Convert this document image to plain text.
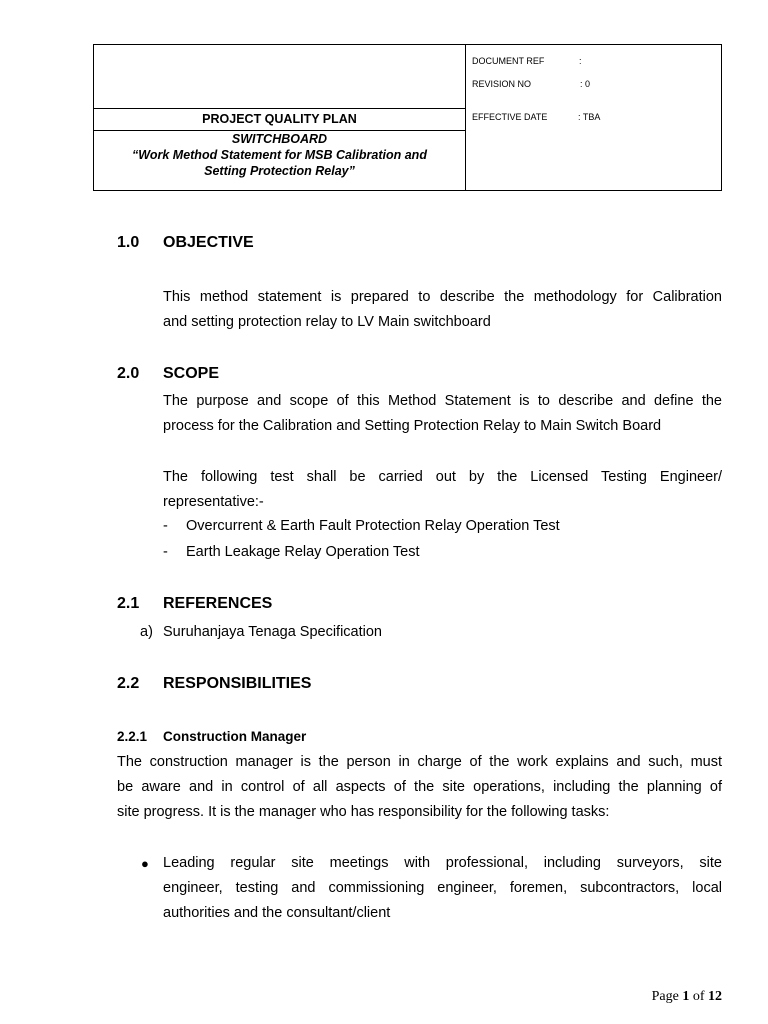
PROJECT QUALITY PLAN
SWITCHBOARD
“Work Method Statement for MSB Calibration and
Setting Protection Relay”
DOCUMENT REF	:
REVISION NO	: 0
EFFECTIVE DATE	: TBA
1.0 OBJECTIVE
This method statement is prepared to describe the methodology for Calibration
and setting protection relay to LV Main switchboard
2.0 SCOPE
The purpose and scope of this Method Statement is to describe and define the
process for the Calibration and Setting Protection Relay to Main Switch Board
The following test shall be carried out by the Licensed Testing Engineer/
representative:-
- Overcurrent & Earth Fault Protection Relay Operation Test
- Earth Leakage Relay Operation Test
2.1 REFERENCES
a) Suruhanjaya Tenaga Specification
2.2 RESPONSIBILITIES
2.2.1 Construction Manager
The construction manager is the person in charge of the work explains and such, must
be aware and in control of all aspects of the site operations, including the planning of
site progress. It is the manager who has responsibility for the following tasks:
● Leading regular site meetings with professional, including surveyors, site
engineer, testing and commissioning engineer, foremen, subcontractors, local
authorities and the consultant/client
Page 1 of 12
